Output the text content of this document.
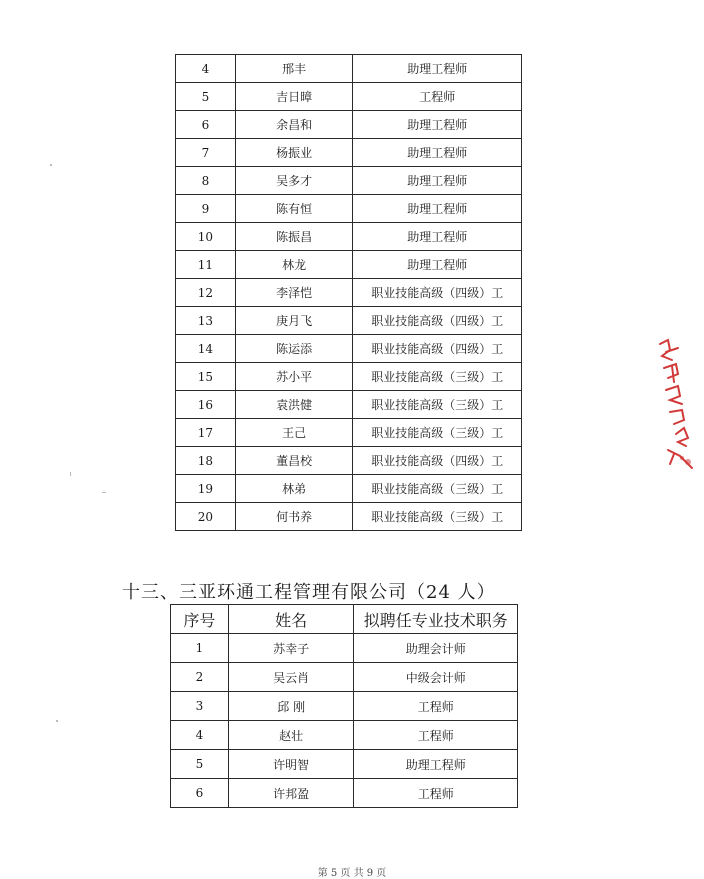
4	邢丰	助理工程师
5	吉日暲	工程师
6	余昌和	助理工程师
7	杨振业	助理工程师
8	吴多才	助理工程师
9	陈有恒	助理工程师
10	陈振昌	助理工程师
11	林龙	助理工程师
12	李泽恺	职业技能高级（四级）工
13	庚月飞	职业技能高级（四级）工
14	陈运添	职业技能高级（四级）工
15	苏小平	职业技能高级（三级）工
16	袁洪健	职业技能高级（三级）工
17	王己	职业技能高级（三级）工
18	董昌校	职业技能高级（四级）工
19	林弟	职业技能高级（三级）工
20	何书养	职业技能高级（三级）工
十三、三亚环通工程管理有限公司（24 人）
序号	姓名	拟聘任专业技术职务
1	苏幸子	助理会计师
2	吴云肖	中级会计师
3	邱 刚	工程师
4	赵壮	工程师
5	许明智	助理工程师
6	许邦盈	工程师
第 5 页 共 9 页
